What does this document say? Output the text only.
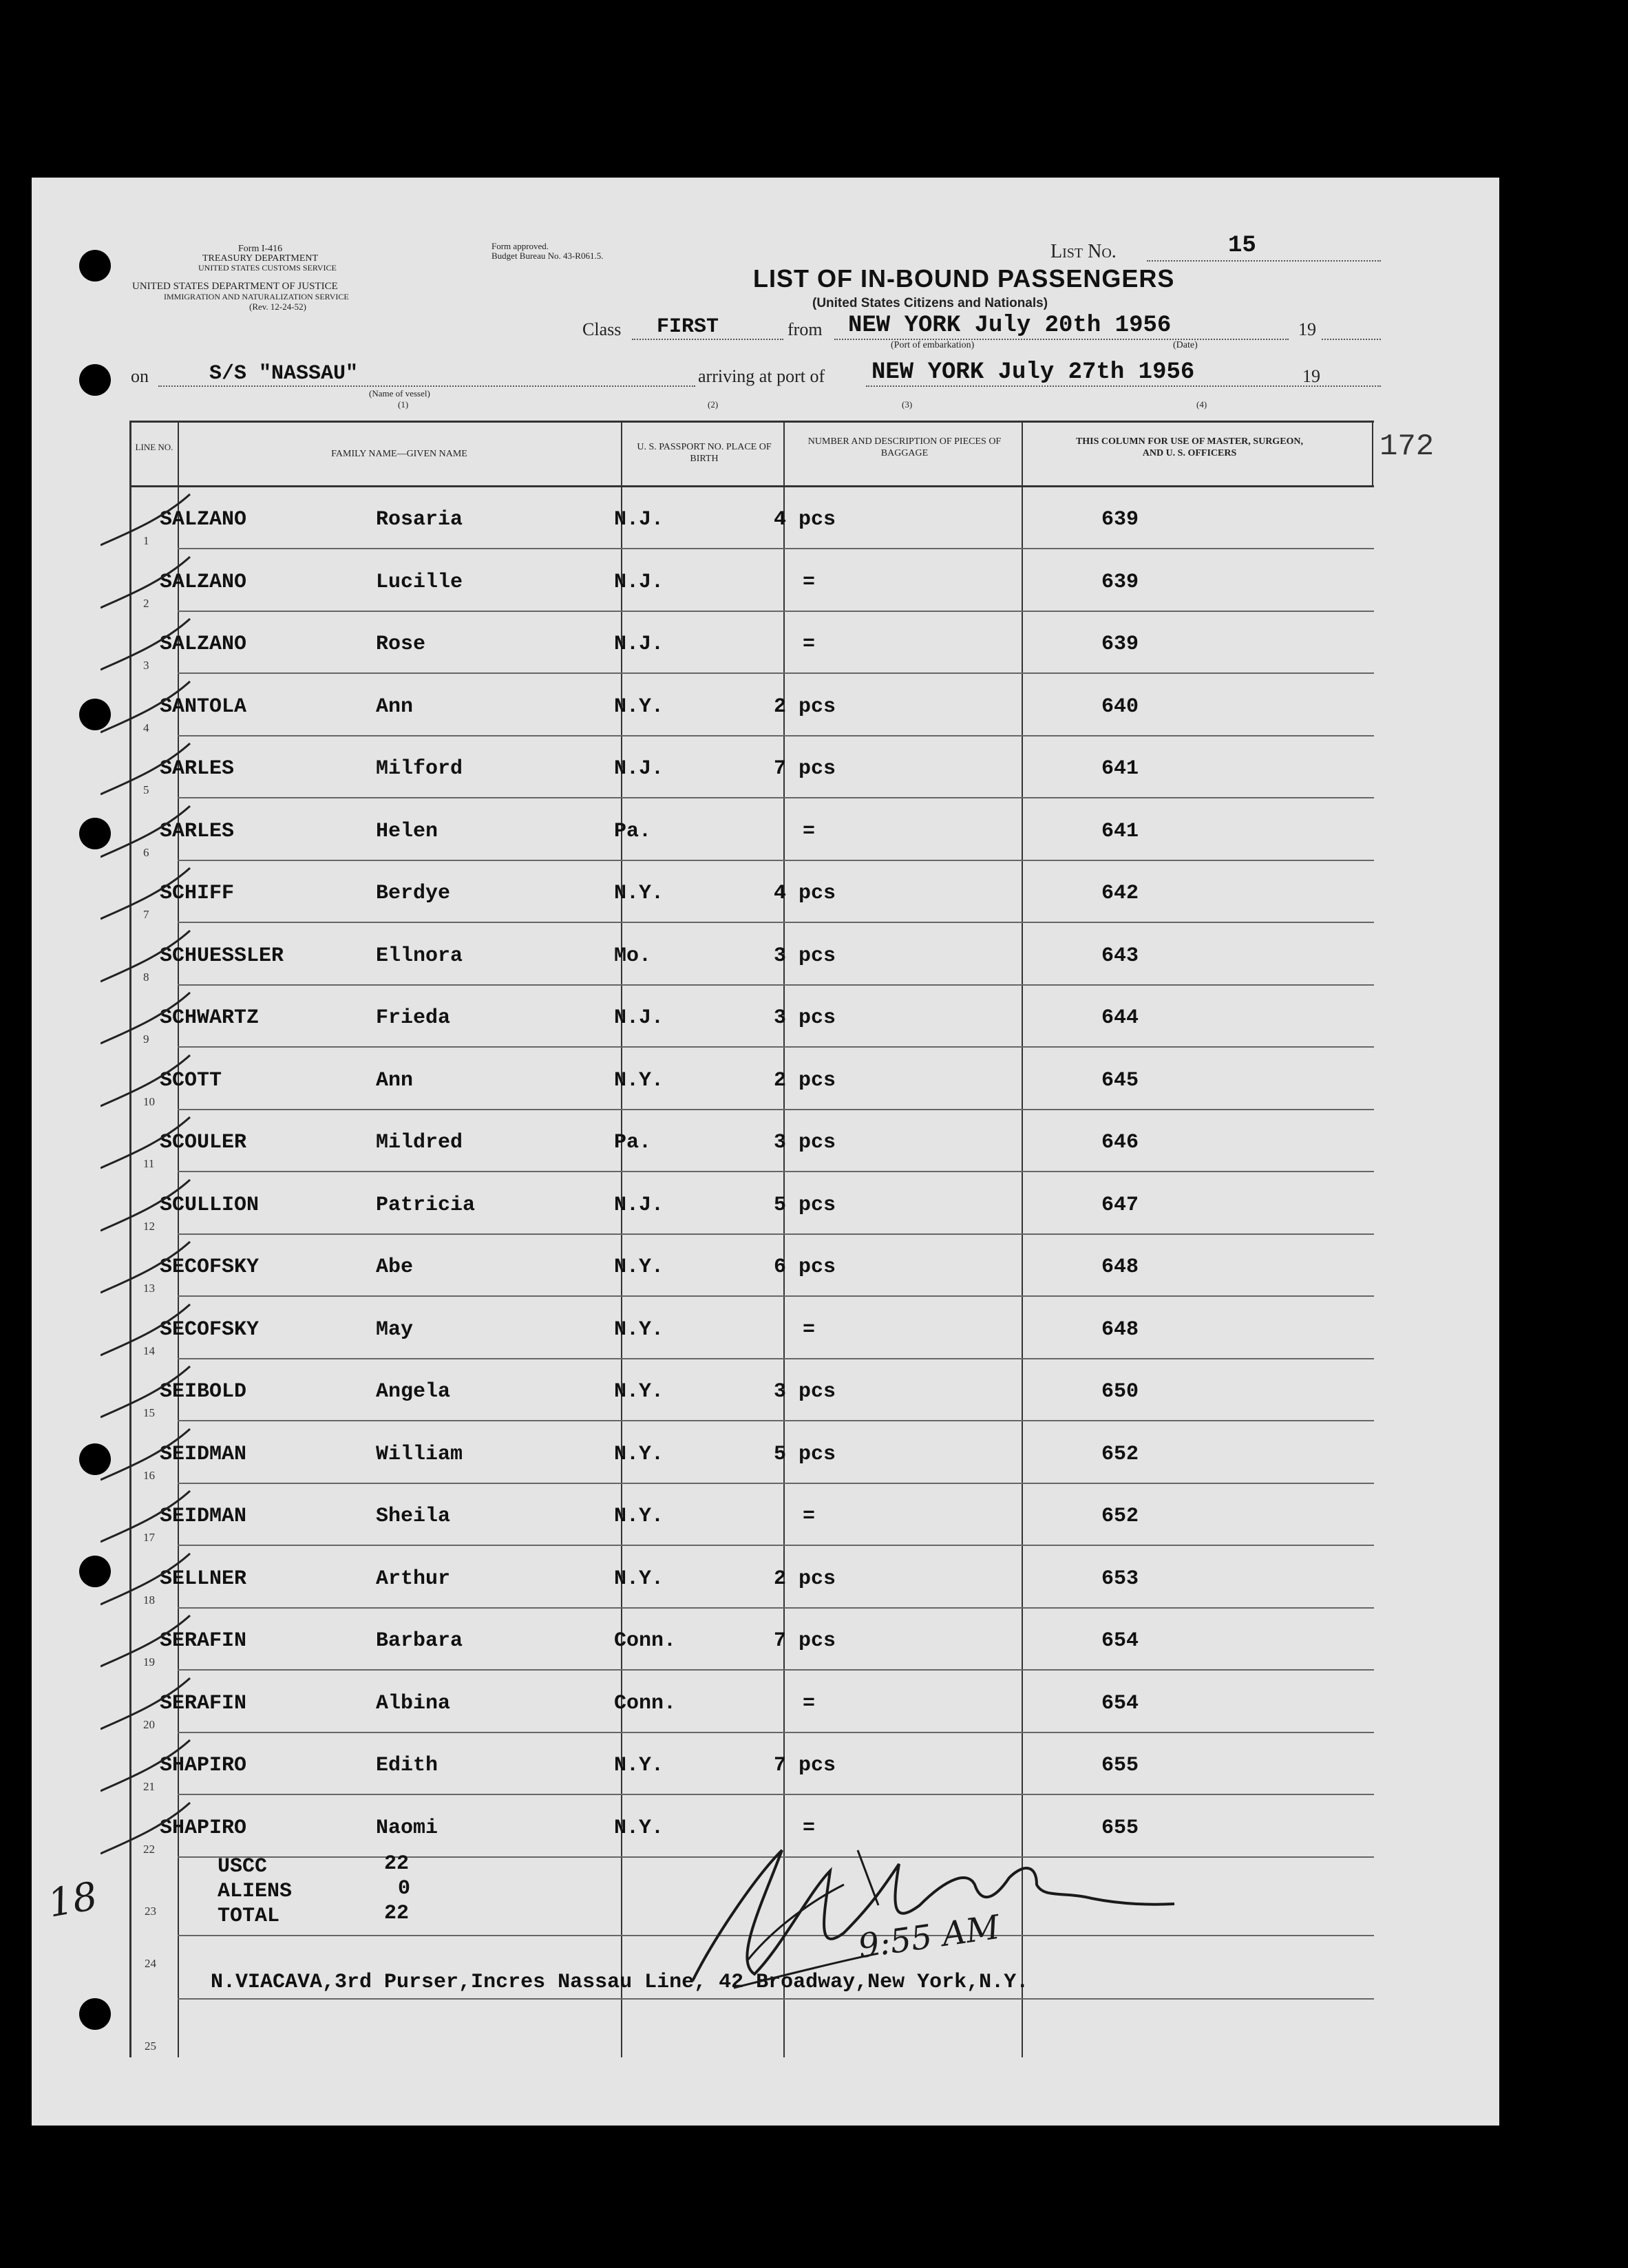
Form I-416
TREASURY DEPARTMENT
UNITED STATES CUSTOMS SERVICE
UNITED STATES DEPARTMENT OF JUSTICE
IMMIGRATION AND NATURALIZATION SERVICE
(Rev. 12-24-52)
Form approved.
Budget Bureau No. 43-R061.5.	List No.	15
LIST OF IN-BOUND PASSENGERS
(United States Citizens and Nationals)
Class FIRST	from NEW YORK July 20th 1956	19
(Port of embarkation)	(Date)
on	S/S "NASSAU"
(Name of vessel)
(1)
arriving at port of NEW YORK July 27th 1956	19
(2)	(3)	(4)
172
LINE NO.
FAMILY NAME—GIVEN NAME
U. S. PASSPORT NO. PLACE OF BIRTH
NUMBER AND DESCRIPTION OF PIECES OF BAGGAGE
THIS COLUMN FOR USE OF MASTER, SURGEON, AND U. S. OFFICERS
1
SALZANO	Rosaria	N.J.	4 pcs	639
2
SALZANO	Lucille	N.J.	=	639
3
SALZANO	Rose	N.J.	=	639
4
SANTOLA	Ann	N.Y.	2 pcs	640
5
SARLES	Milford	N.J.	7 pcs	641
6
SARLES	Helen	Pa.	=	641
7
SCHIFF	Berdye	N.Y.	4 pcs	642
8
SCHUESSLER	Ellnora	Mo.	3 pcs	643
9
SCHWARTZ	Frieda	N.J.	3 pcs	644
10
SCOTT	Ann	N.Y.	2 pcs	645
11
SCOULER	Mildred	Pa.	3 pcs	646
12
SCULLION	Patricia	N.J.	5 pcs	647
13
SECOFSKY	Abe	N.Y.	6 pcs	648
14
SECOFSKY	May	N.Y.	=	648
15
SEIBOLD	Angela	N.Y.	3 pcs	650
16
SEIDMAN	William	N.Y.	5 pcs	652
17
SEIDMAN	Sheila	N.Y.	=	652
18
SELLNER	Arthur	N.Y.	2 pcs	653
19
SERAFIN	Barbara	Conn.	7 pcs	654
20
SERAFIN	Albina	Conn.	=	654
21
SHAPIRO	Edith	N.Y.	7 pcs	655
22
SHAPIRO	Naomi	N.Y.	=	655
23
USCC	22
ALIENS	0
TOTAL	22
24
N.VIACAVA,3rd Purser,Incres Nassau Line, 42 Broadway,New York,N.Y.
25
9:55 AM
18
